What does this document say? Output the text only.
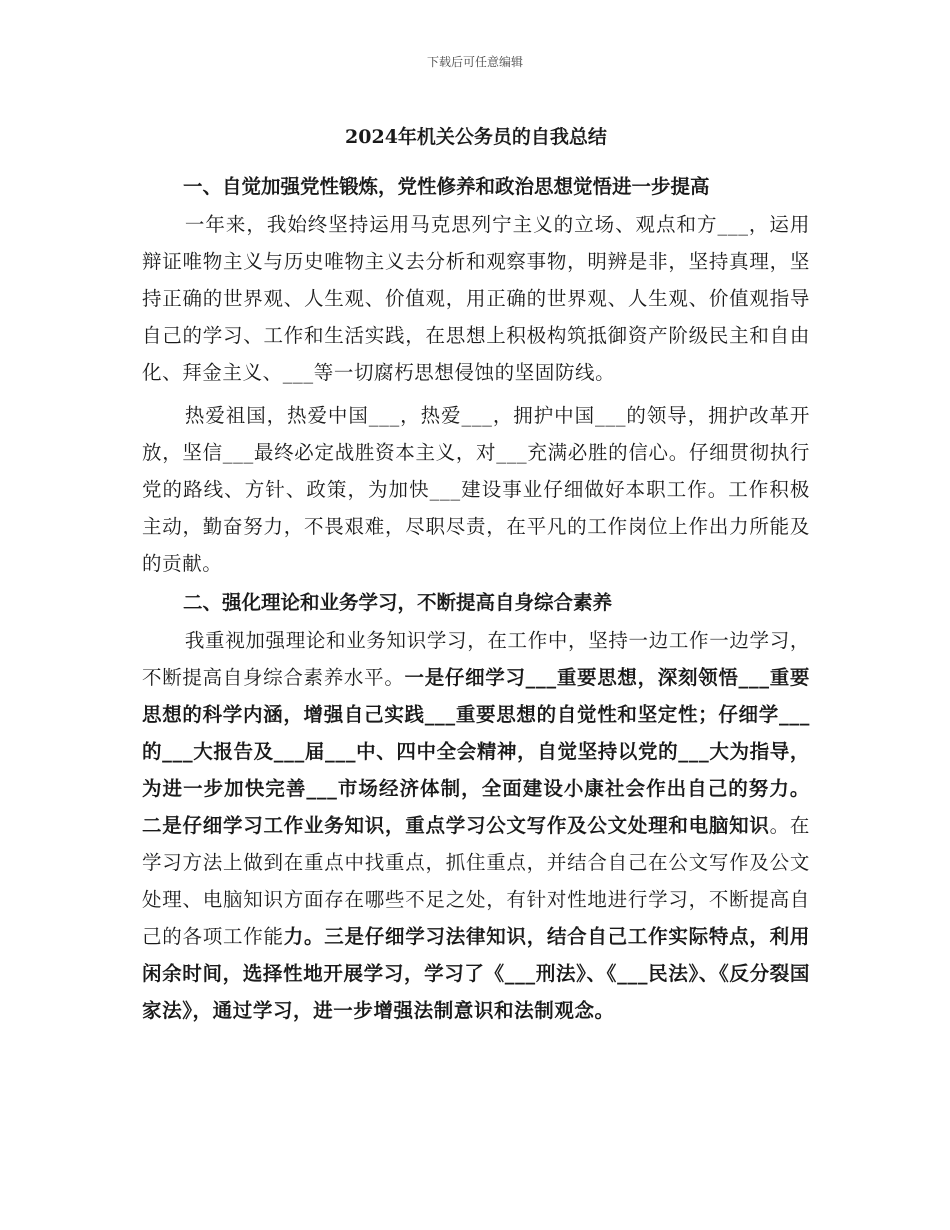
下载后可任意编辑
2024年机关公务员的自我总结
一、自觉加强党性锻炼，党性修养和政治思想觉悟进一步提高

一年来，我始终坚持运用马克思列宁主义的立场、观点和方___，运用辩证唯物主义与历史唯物主义去分析和观察事物，明辨是非，坚持真理，坚持正确的世界观、人生观、价值观，用正确的世界观、人生观、价值观指导自己的学习、工作和生活实践，在思想上积极构筑抵御资产阶级民主和自由化、拜金主义、___等一切腐朽思想侵蚀的坚固防线。

热爱祖国，热爱中国___，热爱___，拥护中国___的领导，拥护改革开放，坚信___最终必定战胜资本主义，对___充满必胜的信心。仔细贯彻执行党的路线、方针、政策，为加快___建设事业仔细做好本职工作。工作积极主动，勤奋努力，不畏艰难，尽职尽责，在平凡的工作岗位上作出力所能及的贡献。

二、强化理论和业务学习，不断提高自身综合素养

我重视加强理论和业务知识学习，在工作中，坚持一边工作一边学习，不断提高自身综合素养水平。一是仔细学习___重要思想，深刻领悟___重要思想的科学内涵，增强自己实践___重要思想的自觉性和坚定性；仔细学___的___大报告及___届___中、四中全会精神，自觉坚持以党的___大为指导，为进一步加快完善___市场经济体制，全面建设小康社会作出自己的努力。二是仔细学习工作业务知识，重点学习公文写作及公文处理和电脑知识。在学习方法上做到在重点中找重点，抓住重点，并结合自己在公文写作及公文处理、电脑知识方面存在哪些不足之处，有针对性地进行学习，不断提高自己的各项工作能力。三是仔细学习法律知识，结合自己工作实际特点，利用闲余时间，选择性地开展学习，学习了《___刑法》、《___民法》、《反分裂国家法》，通过学习，进一步增强法制意识和法制观念。
